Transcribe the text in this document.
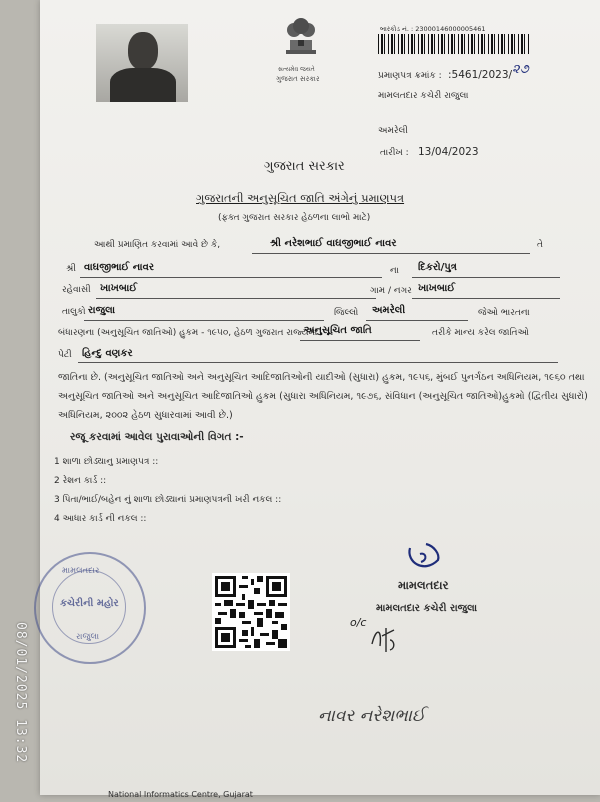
સત્યમેવ જયતે
ગુજરાત સરકાર
બારકોડ નં. : 23000146000005461
પ્રમાણપત્ર ક્રમાંક : :5461/2023/ ૨૭
મામલતદાર કચેરી રાજુલા
અમરેલી
તારીખ : 13/04/2023
ગુજરાત સરકાર
ગુજરાતની અનુસૂચિત જાતિ અંગેનું પ્રમાણપત્ર
(ફક્ત ગુજરાત સરકાર હેઠળના લાભો માટે)
આથી પ્રમાણિત કરવામાં આવે છે કે,	શ્રી નરેશભાઈ વાઘજીભાઈ નાવર	તે
શ્રી વાઘજીભાઈ નાવર	ના દિકરો/પુત્ર
રહેવાસી ખાખબાઈ	ગામ / નગર ખાખબાઈ
તાલુકો રાજુલા	જિલ્લો અમરેલી	જેઓ ભારતના
બંધારણના (અનુસૂચિત જાતિઓ) હુકમ - ૧૯૫૦, હેઠળ ગુજરાત રાજ્યમાં
અનુસૂચિત જાતિ	તરીકે માન્ય કરેલ જાતિઓ
પેટી હિન્દુ વણકર
જાતિના છે. (અનુસૂચિત જાતિઓ અને અનુસૂચિત આદિજાતિઓની યાદીઓ (સુધારા) હુકમ, ૧૯૫૬, મુંબઈ પુનર્ગઠન અધિનિયમ, ૧૯૬૦ તથા
અનુસૂચિત જાતિઓ અને અનુસૂચિત આદિજાતિઓ હુકમ (સુધારા અધિનિયમ, ૧૯૭૬, સંવિધાન (અનુસૂચિત જાતિઓ)હુકમો (દ્વિતીય સુધારો)
અધિનિયમ, ૨૦૦૨ હેઠળ સુધારવામાં આવી છે.)
રજૂ કરવામાં આવેલ પુરાવાઓની વિગત :-
1 શાળા છોડ્યાનુ પ્રમાણપત્ર ::
2 રેશન કાર્ડ ::
3 પિતા/ભાઈ/બહેન નું શાળા છોડ્યાનાં પ્રમાણપત્રની ખરી નકલ ::
4 આધાર કાર્ડ ની નકલ ::
મામલતદાર
કચેરીની મહોર
રાજુલા
મામલતદાર
મામલતદાર કચેરી રાજુલા
o/c
નાવર નરેશભાઈ
08/01/2025 13:32
National Informatics Centre, Gujarat
